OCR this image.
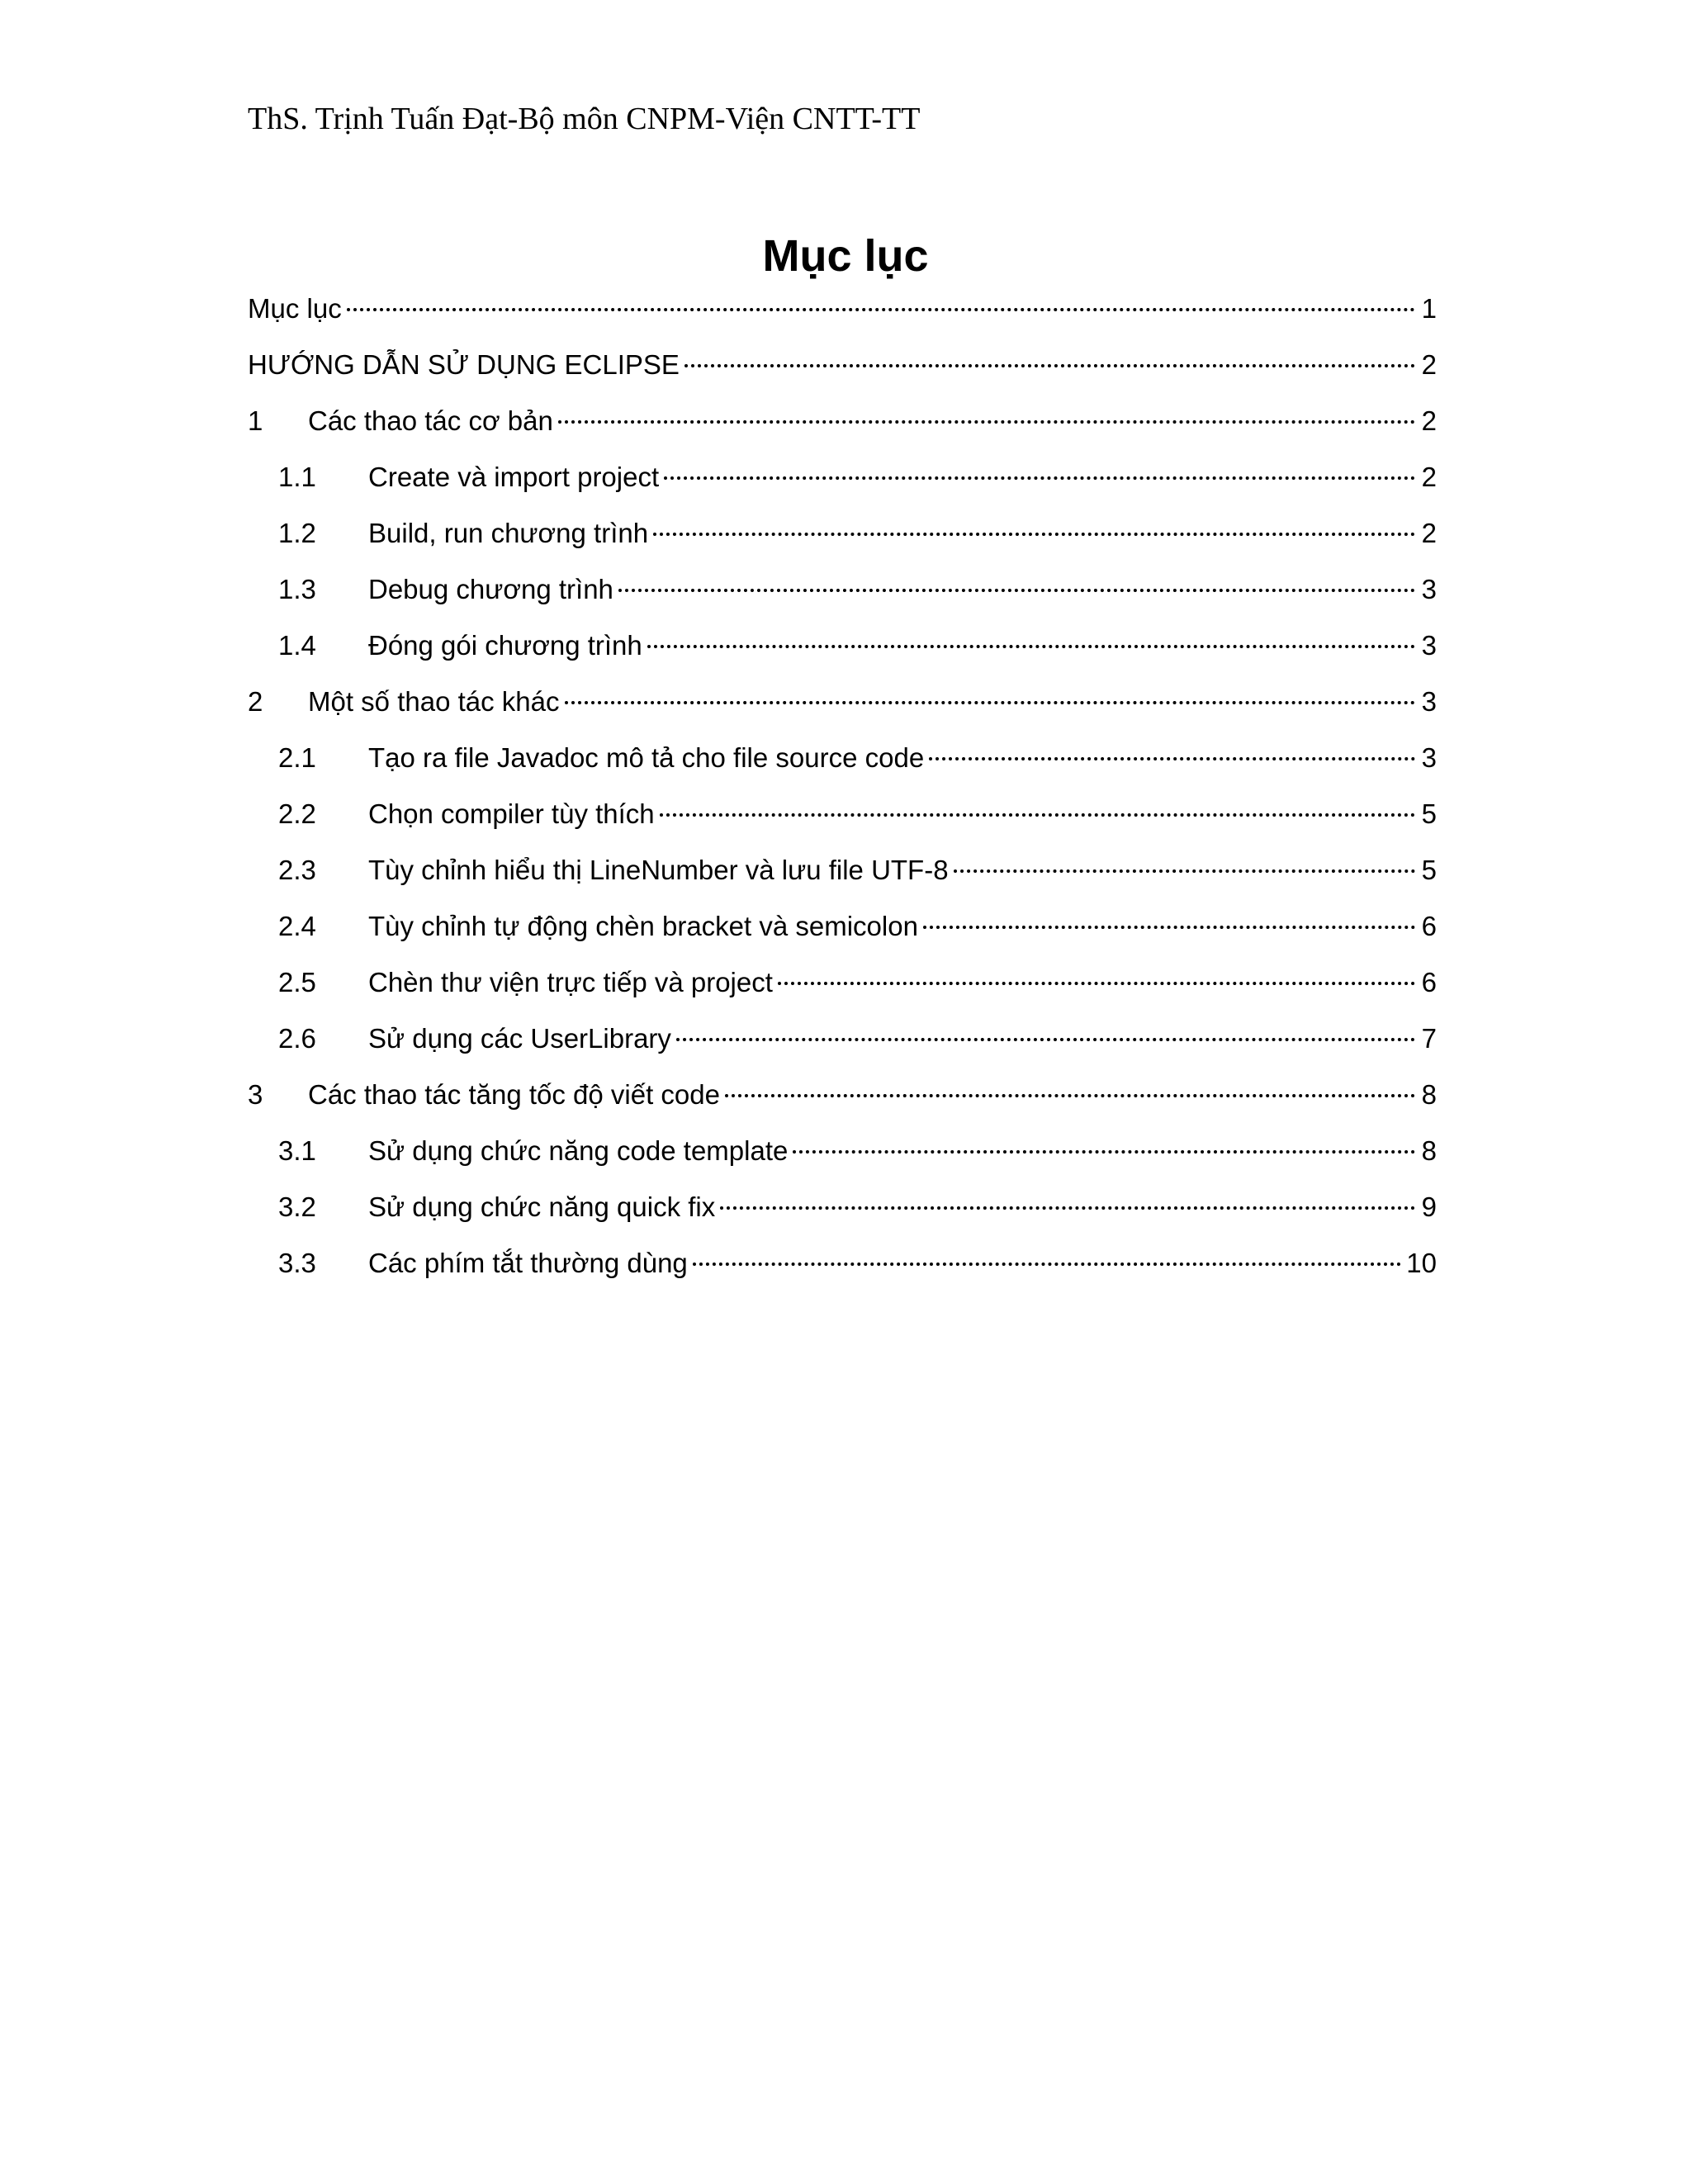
ThS. Trịnh Tuấn Đạt-Bộ môn CNPM-Viện CNTT-TT
Mục lục
Mục lục	1
HƯỚNG DẪN SỬ DỤNG ECLIPSE	2
1	Các thao tác cơ bản	2
1.1	Create và import project	2
1.2	Build, run chương trình	2
1.3	Debug chương trình	3
1.4	Đóng gói chương trình	3
2	Một số thao tác khác	3
2.1	Tạo ra file Javadoc mô tả cho file source code	3
2.2	Chọn compiler tùy thích	5
2.3	Tùy chỉnh hiểu thị LineNumber và lưu file UTF-8	5
2.4	Tùy chỉnh tự động chèn bracket và semicolon	6
2.5	Chèn thư viện trực tiếp và project	6
2.6	Sử dụng các UserLibrary	7
3	Các thao tác tăng tốc độ viết code	8
3.1	Sử dụng chức năng code template	8
3.2	Sử dụng chức năng quick fix	9
3.3	Các phím tắt thường dùng	10
